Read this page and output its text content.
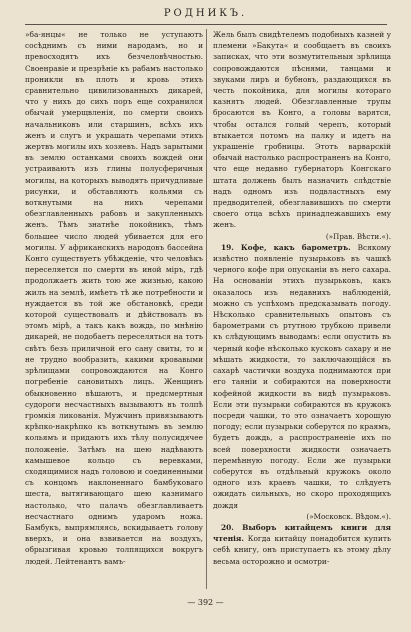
РОДНИКЪ.

»ба-янцы« не только не уступаютъ сосѣднимъ съ ними народамъ, но и превосходятъ ихъ безчеловѣчностью. Своенравіе и презрѣніе къ рабамъ настолько проникли въ плоть и кровь этихъ сравнительно цивилизованныхъ дикарей, что у нихъ до сихъ поръ еще сохранился обычай умерщвленія, по смерти своихъ начальниковъ или старшинъ, всѣхъ ихъ женъ и слугъ и украшать черепами этихъ жертвъ могилы ихъ хозяевъ. Надъ зарытыми въ землю останками своихъ вождей они устраиваютъ изъ глины полусферичныя могилы, на которыхъ выводятъ причудливые рисунки, и обставляютъ кольями съ воткнутыми на нихъ черепами обезглавленныхъ рабовъ и закупленныхъ женъ. Тѣмъ знатнѣе покойникъ, тѣмъ большее число людей убивается для его могилы. У африканскихъ народовъ бассейна Конго существуетъ убѣжденіе, что человѣкъ переселяется по смерти въ иной міръ, гдѣ продолжаетъ жить тою же жизнью, какою жилъ на землѣ, имѣетъ тѣ же потребности и нуждается въ той же обстановкѣ, среди которой существовалъ и дѣйствовалъ въ этомъ мірѣ, а такъ какъ вождь, по мнѣнію дикарей, не подобаетъ переселяться на тотъ свѣтъ безъ приличной его сану свиты, то и не трудно вообразить, какими кровавыми зрѣлищами сопровождаются на Конго погребеніе сановитыхъ лицъ. Женщинъ обыкновенно вѣшаютъ, и предсмертныя судороги несчастныхъ вызываютъ въ толпѣ громкія ликованія. Мужчинъ привязываютъ крѣпко-накрѣпко къ воткнутымъ въ землю кольямъ и придаютъ ихъ тѣлу полусидячее положеніе. Затѣмъ на шею надѣваютъ камышевое кольцо съ веревками, сходящимися надъ головою и соединенными съ концомъ наклоненнаго бамбуковаго шеста, вытягивающаго шею казнимаго настолько, что палачъ обезглавливаетъ несчастнаго однимъ ударомъ ножа. Бамбукъ, выпрямляясь, вскидываетъ голову вверхъ, и она взвивается на воздухъ, обрызгивая кровью толпящихся вокругъ людей. Лейтенантъ вамъ-

Жель былъ свидѣтелемъ подобныхъ казней у племени »Бакута« и сообщаетъ въ своихъ записках, что эти возмутительныя зрѣлища сопровождаются пѣснями, танцами и звуками лиръ и бубновъ, раздающихся въ честь покойника, для могилы котораго казнятъ людей. Обезглавленные трупы бросаются въ Конго, а головы варятся, чтобы остался голый черепъ, который втыкается потомъ на палку и идетъ на украшеніе гробницы. Этотъ варварскій обычай настолько распространенъ на Конго, что еще недавно губернаторъ Конгскаго штата должень былъ назначить слѣдствіе надъ одномъ изъ подвластныхъ ему предводителей, обезглавившихъ по смерти своего отца всѣхъ принадлежавшихъ ему женъ.

(»Прав. Вѣсти.«).

19. Кофе, какъ барометръ. Всякому извѣстно появленіе пузырьковъ въ чашкѣ черного кофе при опусканіи въ него сахара. На основаніи этихъ пузырьковъ, какъ оказалось изъ недавнихъ наблюденій, можно съ успѣхомъ предсказывать погоду. Нѣсколько сравнительныхъ опытовъ съ барометрами съ ртутною трубкою привели къ слѣдующимъ выводамъ: если опустить въ черный кофе нѣсколько кусковъ сахару и не мѣшать жидкости, то заключающійся въ сахарѣ частички воздуха поднимаются при его таяніи и собираются на поверхности кофейной жидкости въ видѣ пузырьковъ. Если эти пузырьки собираются въ кружокъ посреди чашки, то это означаетъ хорошую погоду; если пузырьки соберутся по краямъ, будетъ дождь, а распространеніе ихъ по всей поверхности жидкости означаетъ перемѣнную погоду. Если же пузырьки соберутся въ отдѣльный кружокъ около одного изъ краевъ чашки, то слѣдуетъ ожидать сильныхъ, но скоро проходящихъ дождя

(»Московск. Вѣдом.«).

20. Выборъ китайцемъ книги для чтенія. Когда китайцу понадобится купить себѣ книгу, онъ приступаетъ къ этому дѣлу весьма осторожно и осмотри-

— 392 —
